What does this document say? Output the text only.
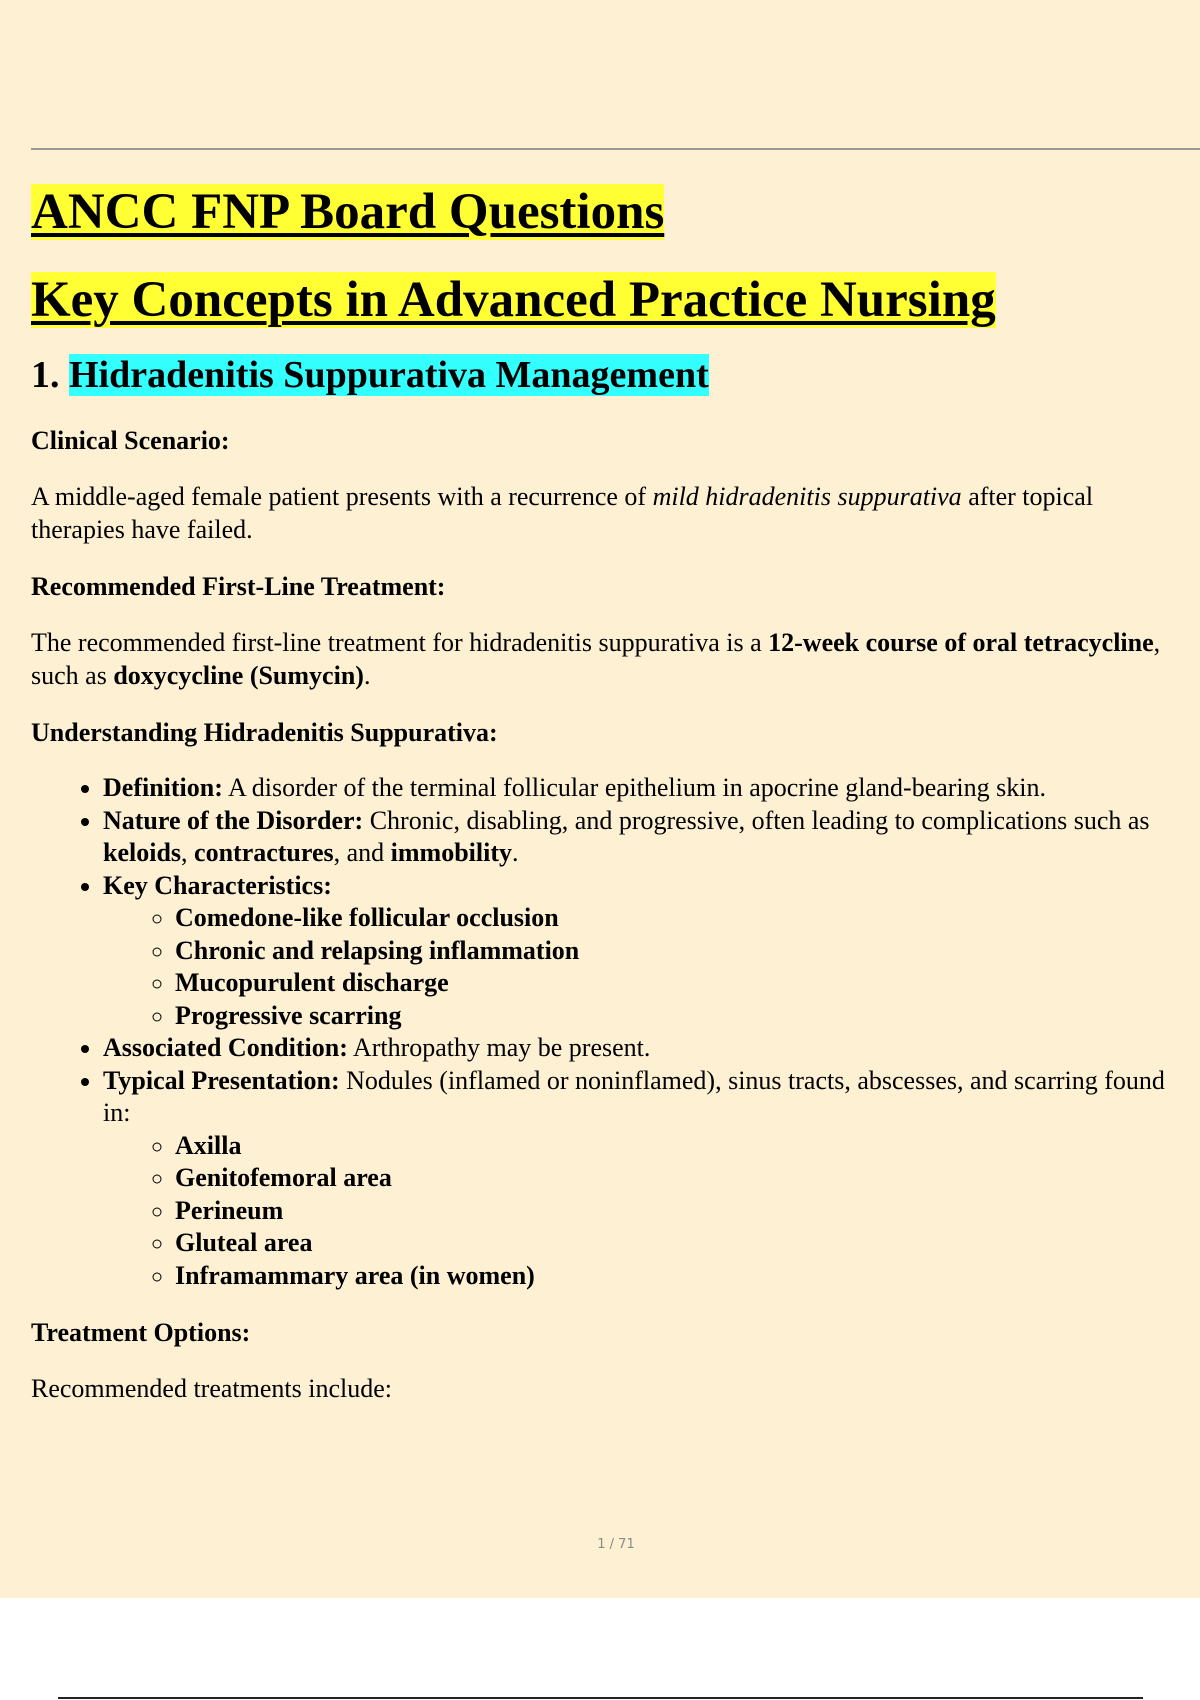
ANCC FNP Board Questions
Key Concepts in Advanced Practice Nursing
1. Hidradenitis Suppurativa Management

Clinical Scenario:

A middle-aged female patient presents with a recurrence of mild hidradenitis suppurativa after topical therapies have failed.

Recommended First-Line Treatment:

The recommended first-line treatment for hidradenitis suppurativa is a 12-week course of oral tetracycline, such as doxycycline (Sumycin).

Understanding Hidradenitis Suppurativa:

• Definition: A disorder of the terminal follicular epithelium in apocrine gland-bearing skin.
• Nature of the Disorder: Chronic, disabling, and progressive, often leading to complications such as keloids, contractures, and immobility.
• Key Characteristics:
◦ Comedone-like follicular occlusion
◦ Chronic and relapsing inflammation
◦ Mucopurulent discharge
◦ Progressive scarring
• Associated Condition: Arthropathy may be present.
• Typical Presentation: Nodules (inflamed or noninflamed), sinus tracts, abscesses, and scarring found in:
◦ Axilla
◦ Genitofemoral area
◦ Perineum
◦ Gluteal area
◦ Inframammary area (in women)

Treatment Options:

Recommended treatments include:

1 / 71
